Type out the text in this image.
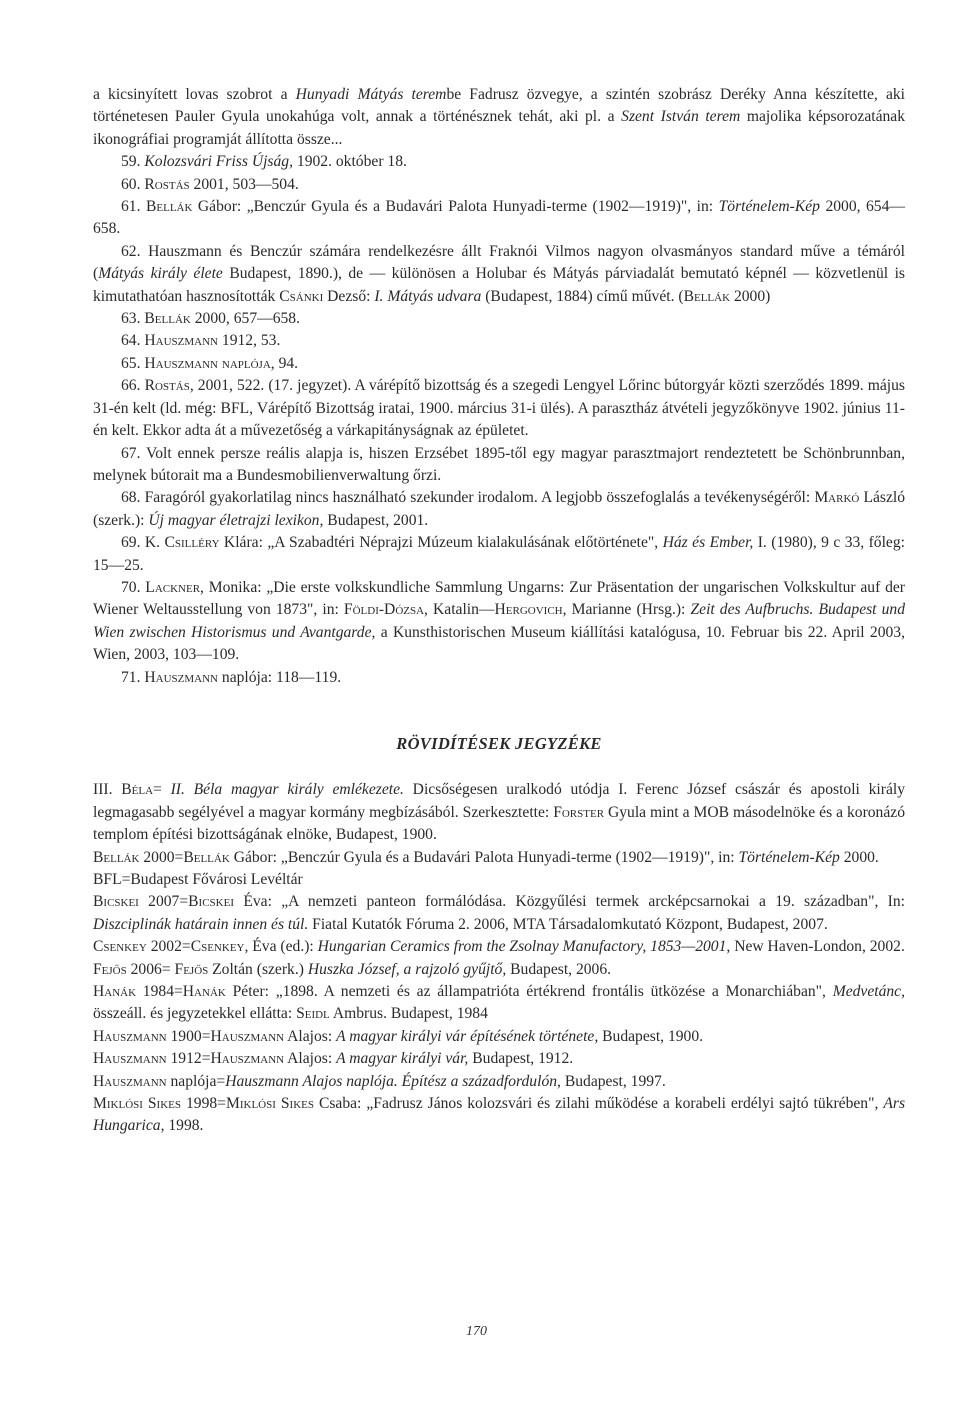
a kicsinyített lovas szobrot a Hunyadi Mátyás terembe Fadrusz özvegye, a szintén szobrász Deréky Anna készítette, aki történetesen Pauler Gyula unokahúga volt, annak a történésznek tehát, aki pl. a Szent István terem majolika képsorozatának ikonográfiai programját állította össze...

59. Kolozsvári Friss Újság, 1902. október 18.

60. Rostás 2001, 503—504.

61. Bellák Gábor: „Benczúr Gyula és a Budavári Palota Hunyadi-terme (1902—1919)", in: Történelem-Kép 2000, 654—658.

62. Hauszmann és Benczúr számára rendelkezésre állt Fraknói Vilmos nagyon olvasmányos standard műve a témáról (Mátyás király élete Budapest, 1890.), de — különösen a Holubar és Mátyás párviadalát bemutató képnél — közvetlenül is kimutathatóan hasznosították Csánki Dezső: I. Mátyás udvara (Budapest, 1884) című művét. (Bellák 2000)

63. Bellák 2000, 657—658.

64. Hauszmann 1912, 53.

65. Hauszmann naplója, 94.

66. Rostás, 2001, 522. (17. jegyzet). A várépítő bizottság és a szegedi Lengyel Lőrinc bútorgyár közti szerződés 1899. május 31-én kelt (ld. még: BFL, Várépítő Bizottság iratai, 1900. március 31-i ülés). A parasztház átvételi jegyzőkönyve 1902. június 11-én kelt. Ekkor adta át a művezetőség a várkapitányságnak az épületet.

67. Volt ennek persze reális alapja is, hiszen Erzsébet 1895-től egy magyar parasztmajort rendeztetett be Schönbrunnban, melynek bútorait ma a Bundesmobilienverwaltung őrzi.

68. Faragóról gyakorlatilag nincs használható szekunder irodalom. A legjobb összefoglalás a tevékenységéről: Markó László (szerk.): Új magyar életrajzi lexikon, Budapest, 2001.

69. K. Csilléry Klára: „A Szabadtéri Néprajzi Múzeum kialakulásának előtörténete", Ház és Ember, I. (1980), 9 c 33, főleg: 15—25.

70. Lackner, Monika: „Die erste volkskundliche Sammlung Ungarns: Zur Präsentation der ungarischen Volkskultur auf der Wiener Weltausstellung von 1873", in: Földi-Dózsa, Katalin—Hergovich, Marianne (Hrsg.): Zeit des Aufbruchs. Budapest und Wien zwischen Historismus und Avantgarde, a Kunsthistorischen Museum kiállítási katalógusa, 10. Februar bis 22. April 2003, Wien, 2003, 103—109.

71. Hauszmann naplója: 118—119.

RÖVIDÍTÉSEK JEGYZÉKE

III. Béla= II. Béla magyar király emlékezete. Dicsőségesen uralkodó utódja I. Ferenc József császár és apostoli király legmagasabb segélyével a magyar kormány megbízásából. Szerkesztette: Forster Gyula mint a MOB másodelnöke és a koronázó templom építési bizottságának elnöke, Budapest, 1900.

Bellák 2000=Bellák Gábor: „Benczúr Gyula és a Budavári Palota Hunyadi-terme (1902—1919)", in: Történelem-Kép 2000.

BFL=Budapest Fővárosi Levéltár

Bicskei 2007=Bicskei Éva: „A nemzeti panteon formálódása. Közgyűlési termek arcképcsarnokai a 19. században", In: Diszciplinák határain innen és túl. Fiatal Kutatók Fóruma 2. 2006, MTA Társadalomkutató Központ, Budapest, 2007.

Csenkey 2002=Csenkey, Éva (ed.): Hungarian Ceramics from the Zsolnay Manufactory, 1853—2001, New Haven-London, 2002.

Fejős 2006= Fejős Zoltán (szerk.) Huszka József, a rajzoló gyűjtő, Budapest, 2006.

Hanák 1984=Hanák Péter: „1898. A nemzeti és az állampatrióta értékrend frontális ütközése a Monarchiában", Medvetánc, összeáll. és jegyzetekkel ellátta: Seidl Ambrus. Budapest, 1984

Hauszmann 1900=Hauszmann Alajos: A magyar királyi vár építésének története, Budapest, 1900.

Hauszmann 1912=Hauszmann Alajos: A magyar királyi vár, Budapest, 1912.

Hauszmann naplója=Hauszmann Alajos naplója. Építész a századfordulón, Budapest, 1997.

Miklósi Sikes 1998=Miklósi Sikes Csaba: „Fadrusz János kolozsvári és zilahi működése a korabeli erdélyi sajtó tükrében", Ars Hungarica, 1998.

170
